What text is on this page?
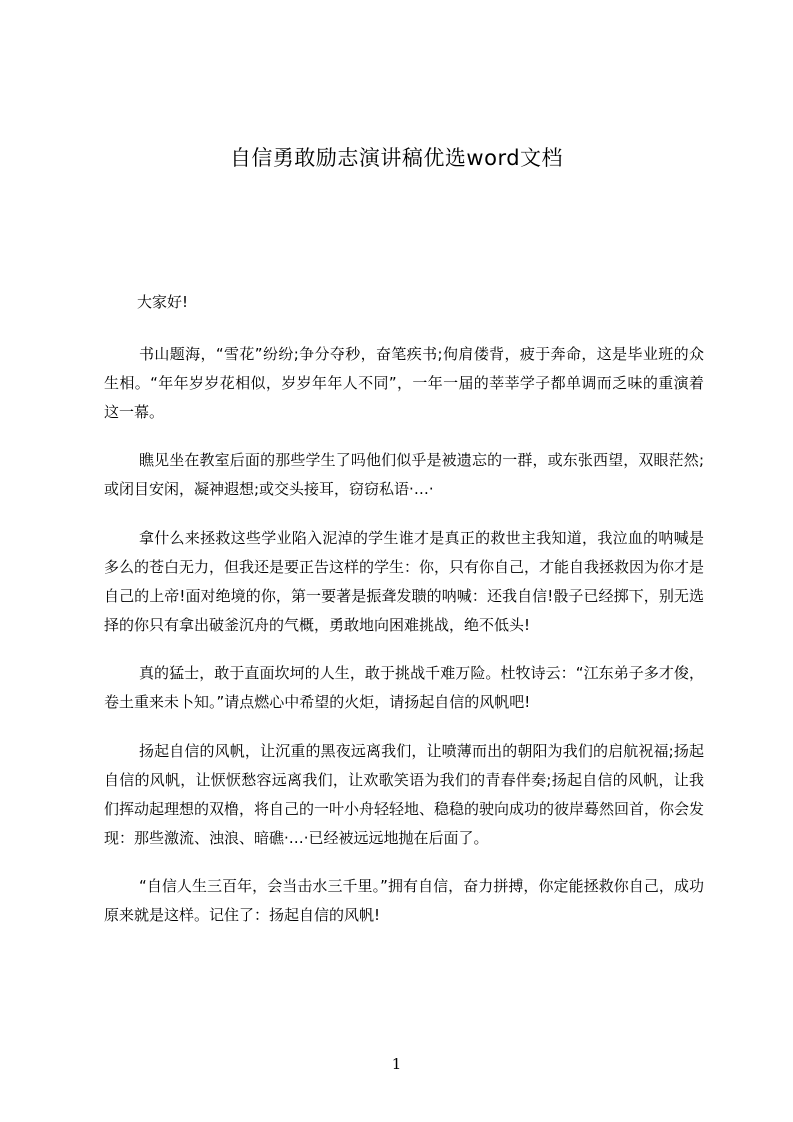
自信勇敢励志演讲稿优选word文档
大家好!

书山题海，“雪花”纷纷;争分夺秒，奋笔疾书;佝肩偻背，疲于奔命，这是毕业班的众生相。“年年岁岁花相似，岁岁年年人不同”，一年一届的莘莘学子都单调而乏味的重演着这一幕。

瞧见坐在教室后面的那些学生了吗他们似乎是被遗忘的一群，或东张西望，双眼茫然;或闭目安闲，凝神遐想;或交头接耳，窃窃私语·…·

拿什么来拯救这些学业陷入泥淖的学生谁才是真正的救世主我知道，我泣血的呐喊是多么的苍白无力，但我还是要正告这样的学生：你，只有你自己，才能自我拯救因为你才是自己的上帝!面对绝境的你，第一要著是振聋发聩的呐喊：还我自信!骰子已经掷下，别无选择的你只有拿出破釜沉舟的气概，勇敢地向困难挑战，绝不低头!

真的猛士，敢于直面坎坷的人生，敢于挑战千难万险。杜牧诗云：“江东弟子多才俊，卷土重来未卜知。”请点燃心中希望的火炬，请扬起自信的风帆吧!

扬起自信的风帆，让沉重的黑夜远离我们，让喷薄而出的朝阳为我们的启航祝福;扬起自信的风帆，让恹恹愁容远离我们，让欢歌笑语为我们的青春伴奏;扬起自信的风帆，让我们挥动起理想的双橹，将自己的一叶小舟轻轻地、稳稳的驶向成功的彼岸蓦然回首，你会发现：那些激流、浊浪、暗礁·…·已经被远远地抛在后面了。

“自信人生三百年，会当击水三千里。”拥有自信，奋力拼搏，你定能拯救你自己，成功原来就是这样。记住了：扬起自信的风帆!

1
